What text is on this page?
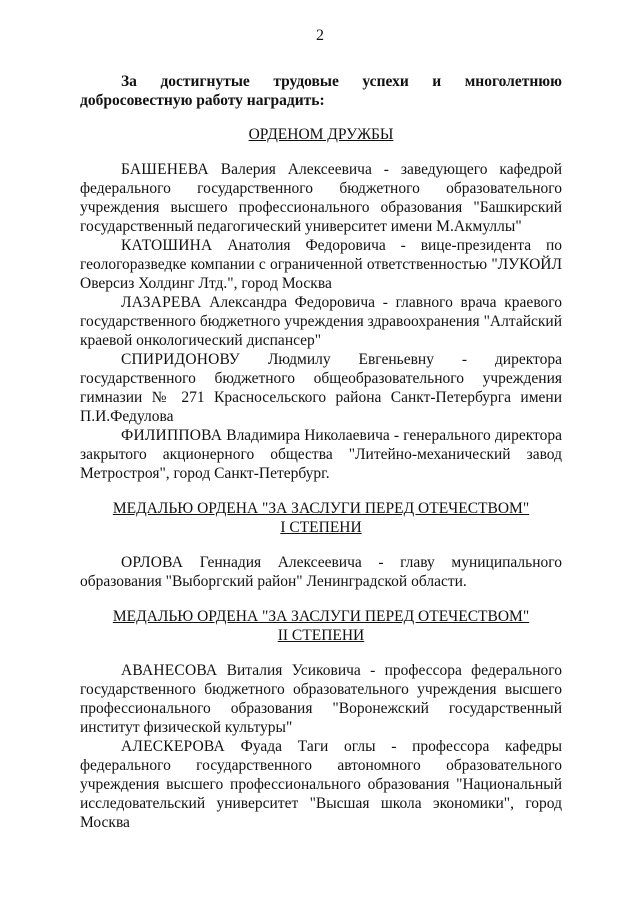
2

За достигнутые трудовые успехи и многолетнюю добросовестную работу наградить:

ОРДЕНОМ ДРУЖБЫ

БАШЕНЕВА Валерия Алексеевича - заведующего кафедрой федерального государственного бюджетного образовательного учреждения высшего профессионального образования "Башкирский государственный педагогический университет имени М.Акмуллы"

КАТОШИНА Анатолия Федоровича - вице-президента по геологоразведке компании с ограниченной ответственностью "ЛУКОЙЛ Оверсиз Холдинг Лтд.", город Москва

ЛАЗАРЕВА Александра Федоровича - главного врача краевого государственного бюджетного учреждения здравоохранения "Алтайский краевой онкологический диспансер"

СПИРИДОНОВУ Людмилу Евгеньевну - директора государственного бюджетного общеобразовательного учреждения гимназии № 271 Красносельского района Санкт-Петербурга имени П.И.Федулова

ФИЛИППОВА Владимира Николаевича - генерального директора закрытого акционерного общества "Литейно-механический завод Метростроя", город Санкт-Петербург.

МЕДАЛЬЮ ОРДЕНА "ЗА ЗАСЛУГИ ПЕРЕД ОТЕЧЕСТВОМ"

I СТЕПЕНИ

ОРЛОВА Геннадия Алексеевича - главу муниципального образования "Выборгский район" Ленинградской области.

МЕДАЛЬЮ ОРДЕНА "ЗА ЗАСЛУГИ ПЕРЕД ОТЕЧЕСТВОМ"

II СТЕПЕНИ

АВАНЕСОВА Виталия Усиковича - профессора федерального государственного бюджетного образовательного учреждения высшего профессионального образования "Воронежский государственный институт физической культуры"

АЛЕСКЕРОВА Фуада Таги оглы - профессора кафедры федерального государственного автономного образовательного учреждения высшего профессионального образования "Национальный исследовательский университет "Высшая школа экономики", город Москва
